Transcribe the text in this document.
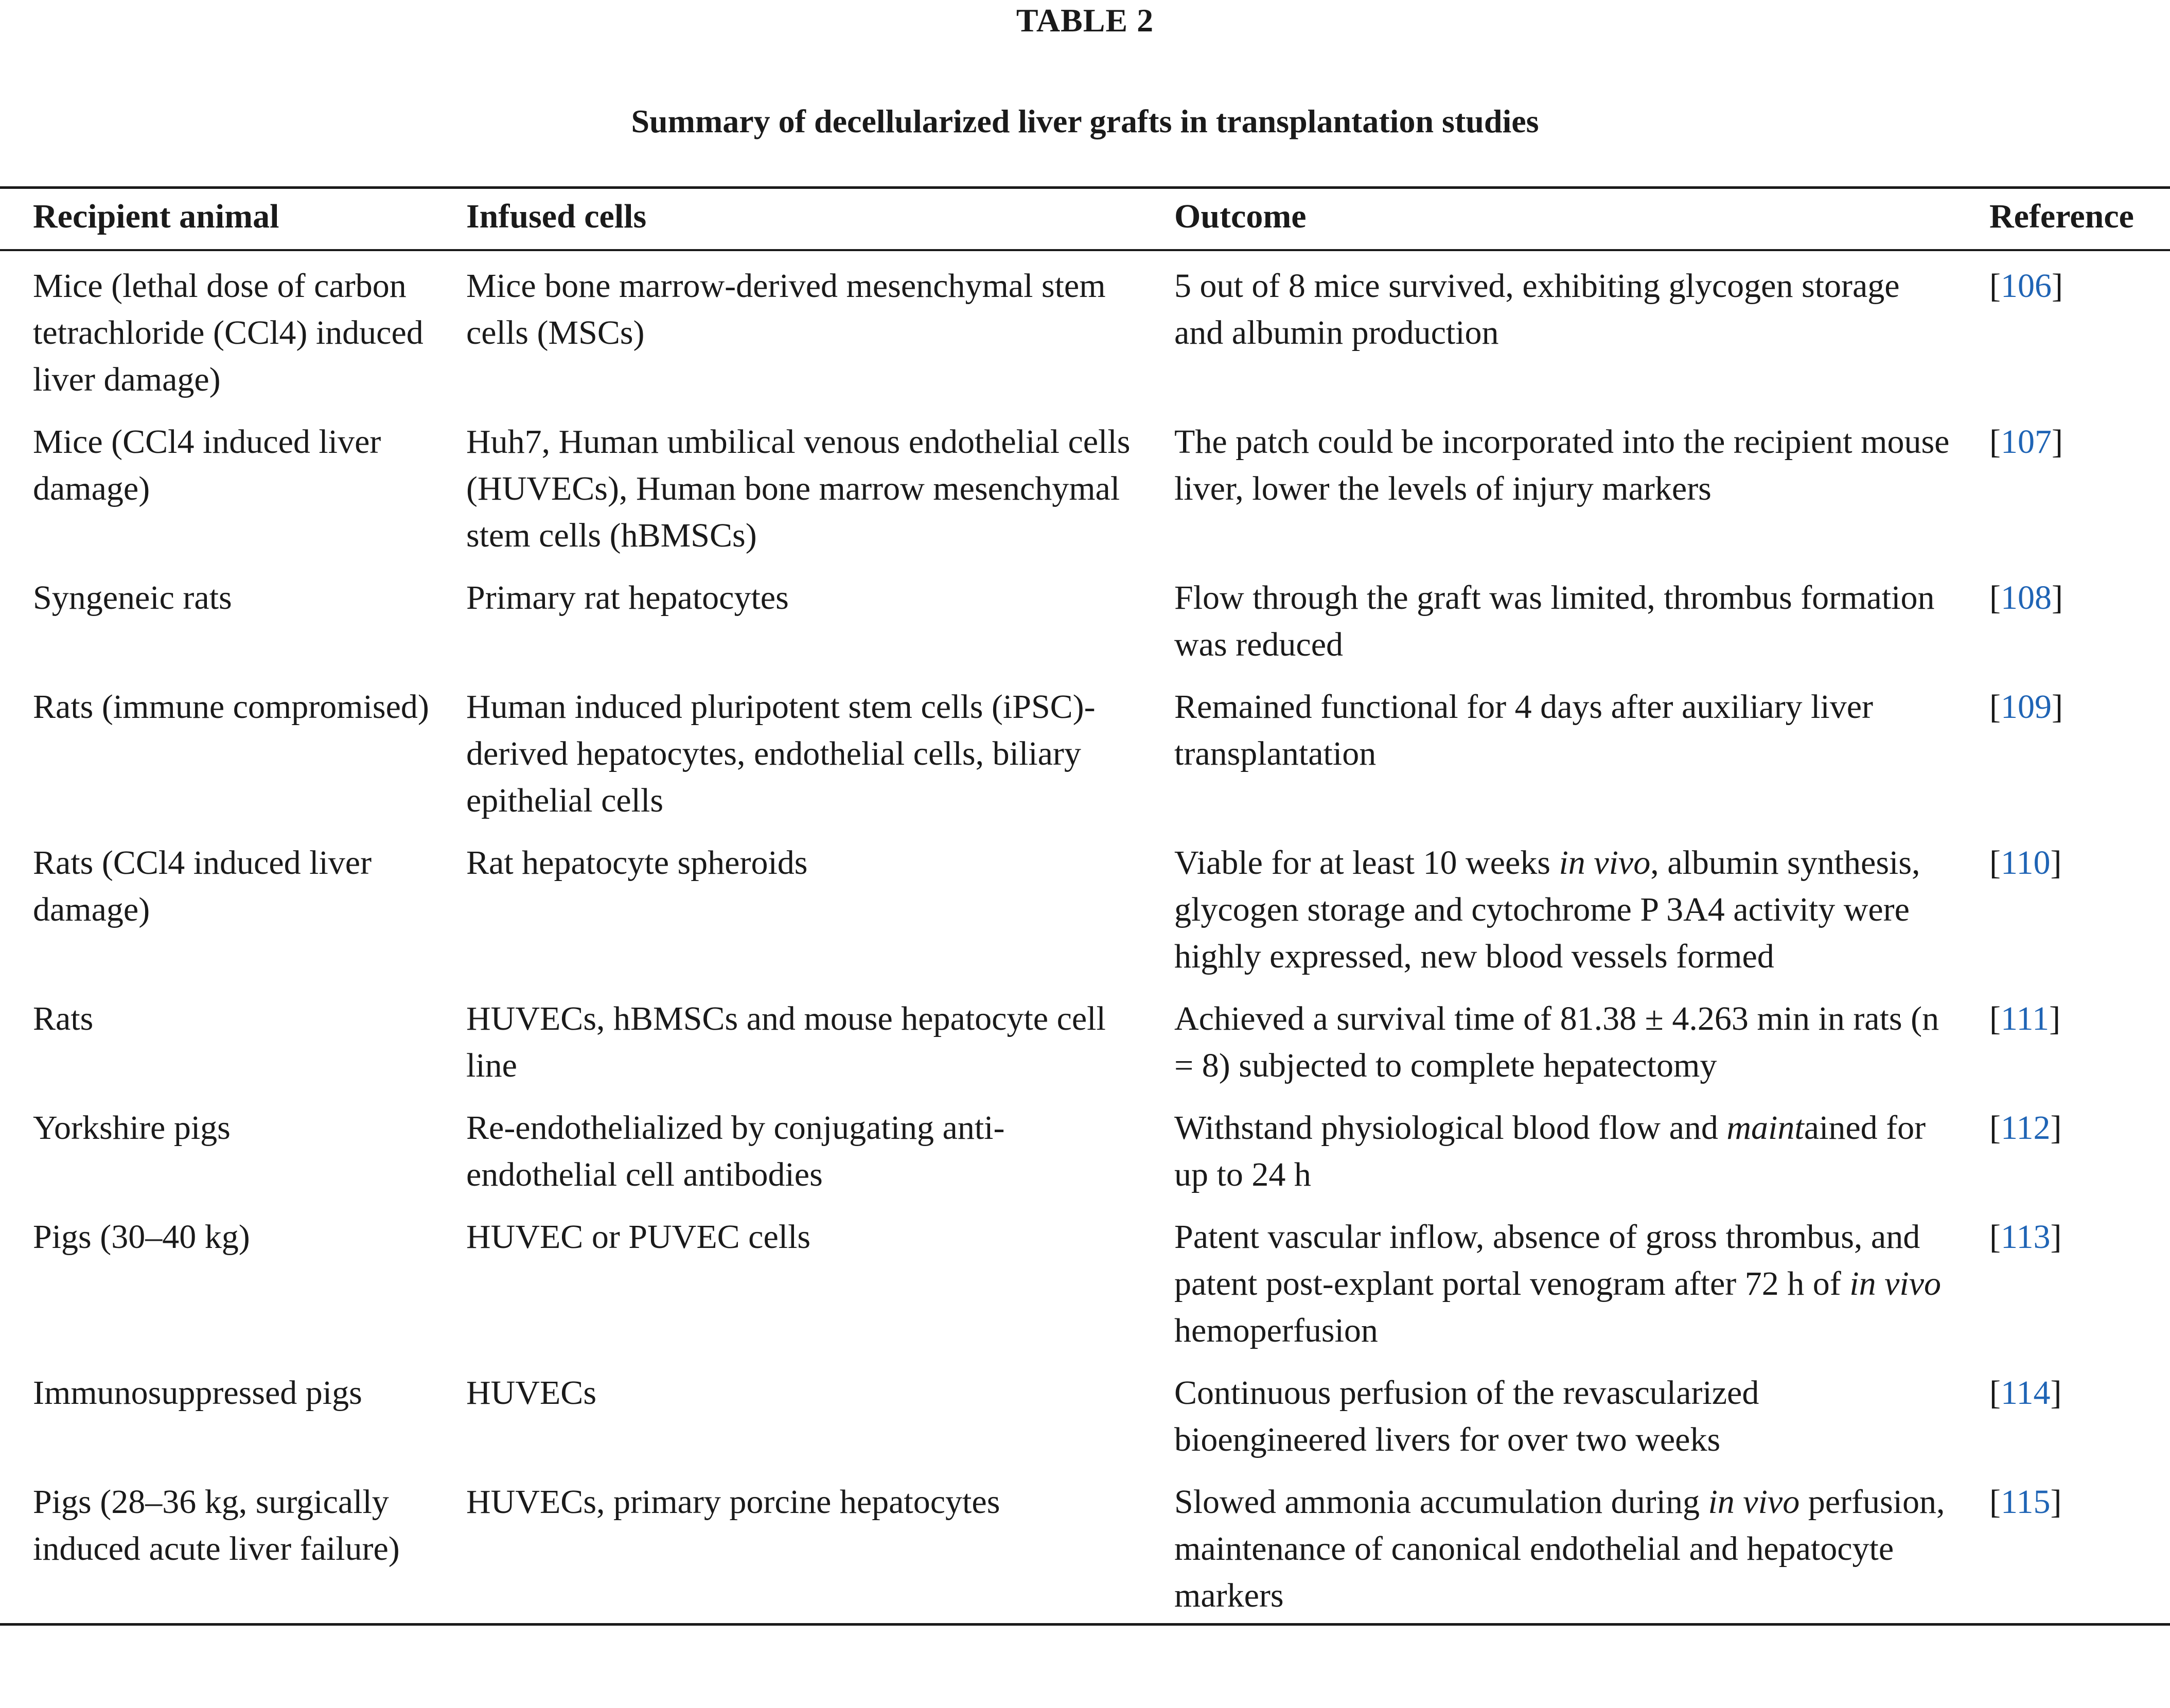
TABLE 2
Summary of decellularized liver grafts in transplantation studies
Recipient animal	Infused cells	Outcome	Reference
Mice (lethal dose of carbon tetrachloride (CCl4) induced liver damage)	Mice bone marrow-derived mesenchymal stem cells (MSCs)	5 out of 8 mice survived, exhibiting glycogen storage and albumin production	[106]
Mice (CCl4 induced liver damage)	Huh7, Human umbilical venous endothelial cells (HUVECs), Human bone marrow mesenchymal stem cells (hBMSCs)	The patch could be incorporated into the recipient mouse liver, lower the levels of injury markers	[107]
Syngeneic rats	Primary rat hepatocytes	Flow through the graft was limited, thrombus formation was reduced	[108]
Rats (immune compromised)	Human induced pluripotent stem cells (iPSC)-derived hepatocytes, endothelial cells, biliary epithelial cells	Remained functional for 4 days after auxiliary liver transplantation	[109]
Rats (CCl4 induced liver damage)	Rat hepatocyte spheroids	Viable for at least 10 weeks in vivo, albumin synthesis, glycogen storage and cytochrome P 3A4 activity were highly expressed, new blood vessels formed	[110]
Rats	HUVECs, hBMSCs and mouse hepatocyte cell line	Achieved a survival time of 81.38 ± 4.263 min in rats (n = 8) subjected to complete hepatectomy	[111]
Yorkshire pigs	Re-endothelialized by conjugating anti-endothelial cell antibodies	Withstand physiological blood flow and maintained for up to 24 h	[112]
Pigs (30–40 kg)	HUVEC or PUVEC cells	Patent vascular inflow, absence of gross thrombus, and patent post-explant portal venogram after 72 h of in vivo hemoperfusion	[113]
Immunosuppressed pigs	HUVECs	Continuous perfusion of the revascularized bioengineered livers for over two weeks	[114]
Pigs (28–36 kg, surgically induced acute liver failure)	HUVECs, primary porcine hepatocytes	Slowed ammonia accumulation during in vivo perfusion, maintenance of canonical endothelial and hepatocyte markers	[115]
